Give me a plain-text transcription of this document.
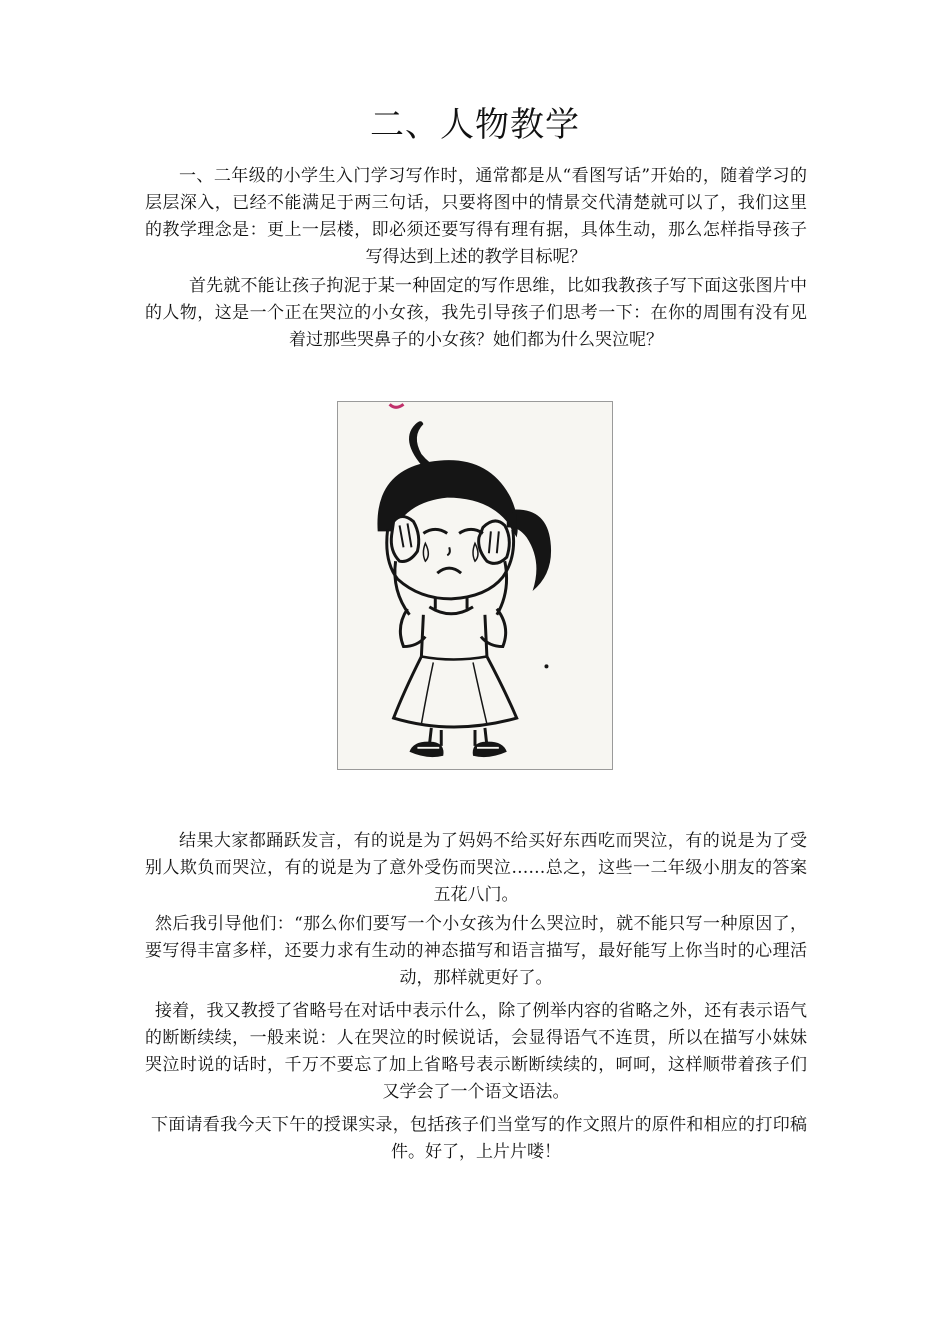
二、人物教学

一、二年级的小学生入门学习写作时，通常都是从“看图写话”开始的，随着学习的层层深入，已经不能满足于两三句话，只要将图中的情景交代清楚就可以了，我们这里的教学理念是：更上一层楼，即必须还要写得有理有据，具体生动，那么怎样指导孩子写得达到上述的教学目标呢？

首先就不能让孩子拘泥于某一种固定的写作思维，比如我教孩子写下面这张图片中的人物，这是一个正在哭泣的小女孩，我先引导孩子们思考一下：在你的周围有没有见着过那些哭鼻子的小女孩？她们都为什么哭泣呢？

结果大家都踊跃发言，有的说是为了妈妈不给买好东西吃而哭泣，有的说是为了受别人欺负而哭泣，有的说是为了意外受伤而哭泣……总之，这些一二年级小朋友的答案五花八门。

然后我引导他们：“那么你们要写一个小女孩为什么哭泣时，就不能只写一种原因了，要写得丰富多样，还要力求有生动的神态描写和语言描写，最好能写上你当时的心理活动，那样就更好了。

接着，我又教授了省略号在对话中表示什么，除了例举内容的省略之外，还有表示语气的断断续续，一般来说：人在哭泣的时候说话，会显得语气不连贯，所以在描写小妹妹哭泣时说的话时，千万不要忘了加上省略号表示断断续续的，呵呵，这样顺带着孩子们又学会了一个语文语法。

下面请看我今天下午的授课实录，包括孩子们当堂写的作文照片的原件和相应的打印稿件。好了，上片片喽！
